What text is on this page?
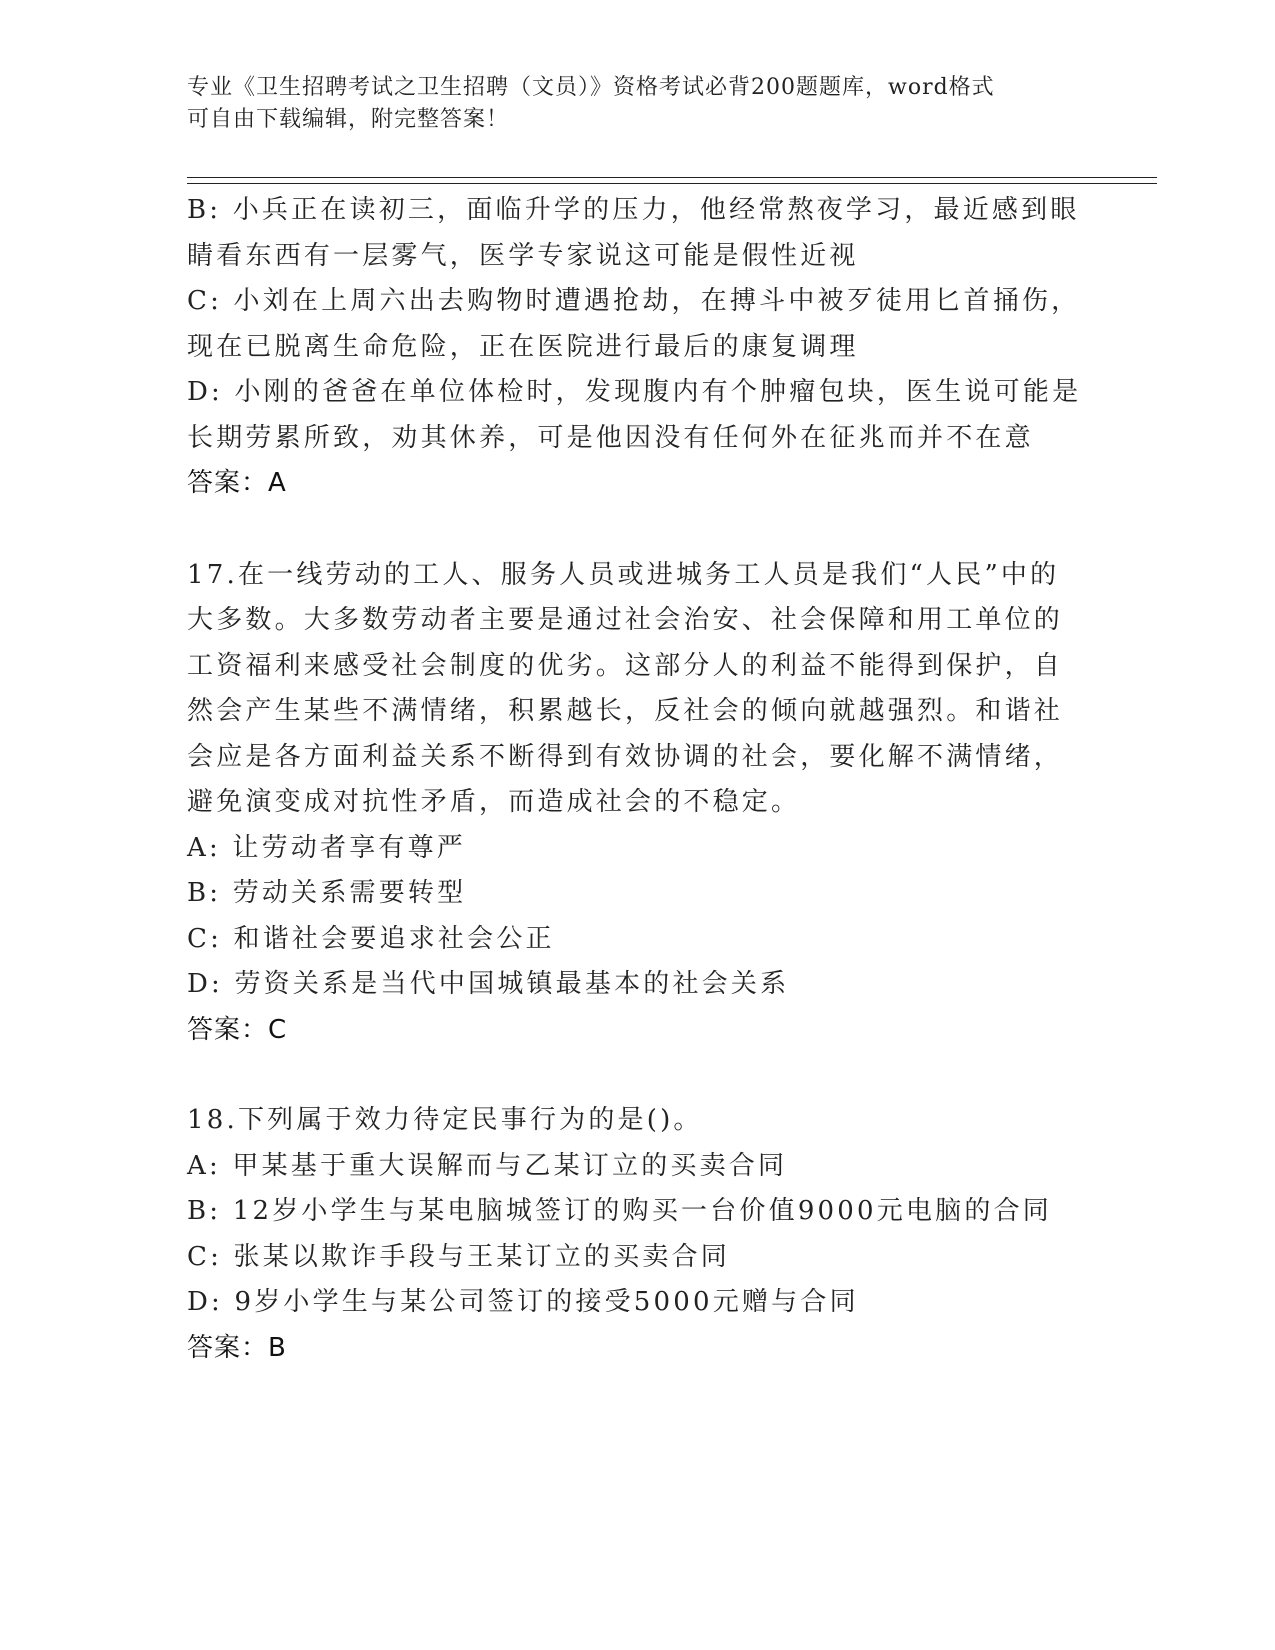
专业《卫生招聘考试之卫生招聘（文员）》资格考试必背200题题库，word格式
可自由下载编辑，附完整答案！
B: 小兵正在读初三，面临升学的压力，他经常熬夜学习，最近感到眼
睛看东西有一层雾气，医学专家说这可能是假性近视
C: 小刘在上周六出去购物时遭遇抢劫，在搏斗中被歹徒用匕首捅伤，
现在已脱离生命危险，正在医院进行最后的康复调理
D: 小刚的爸爸在单位体检时，发现腹内有个肿瘤包块，医生说可能是
长期劳累所致，劝其休养，可是他因没有任何外在征兆而并不在意
答案：A
17.在一线劳动的工人、服务人员或进城务工人员是我们“人民”中的
大多数。大多数劳动者主要是通过社会治安、社会保障和用工单位的
工资福利来感受社会制度的优劣。这部分人的利益不能得到保护，自
然会产生某些不满情绪，积累越长，反社会的倾向就越强烈。和谐社
会应是各方面利益关系不断得到有效协调的社会，要化解不满情绪，
避免演变成对抗性矛盾，而造成社会的不稳定。
A: 让劳动者享有尊严
B: 劳动关系需要转型
C: 和谐社会要追求社会公正
D: 劳资关系是当代中国城镇最基本的社会关系
答案：C
18.下列属于效力待定民事行为的是()。
A: 甲某基于重大误解而与乙某订立的买卖合同
B: 12岁小学生与某电脑城签订的购买一台价值9000元电脑的合同
C: 张某以欺诈手段与王某订立的买卖合同
D: 9岁小学生与某公司签订的接受5000元赠与合同
答案：B
